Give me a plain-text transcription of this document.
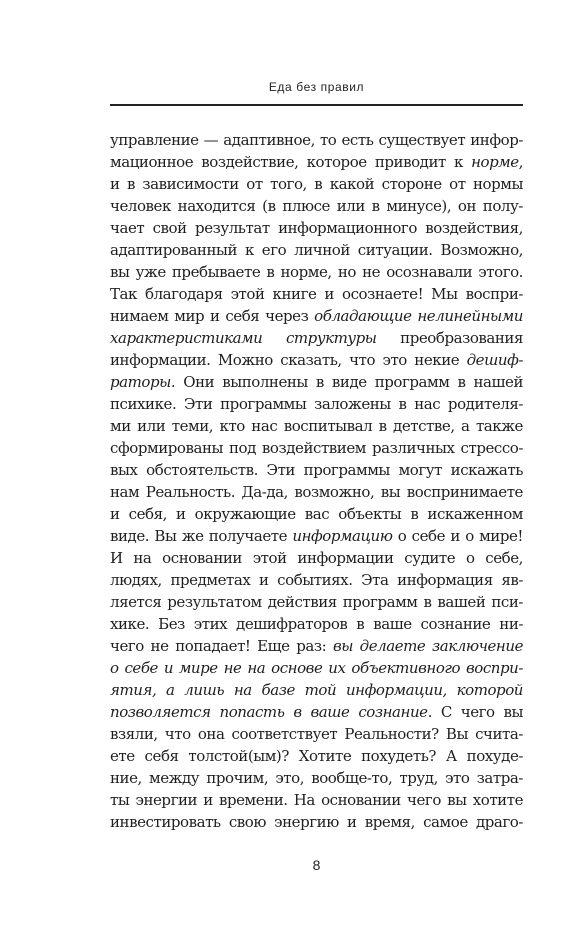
Еда без правил
управление — адаптивное, то есть существует инфор-
мационное воздействие, которое приводит к норме,
и в зависимости от того, в какой стороне от нормы
человек находится (в плюсе или в минусе), он полу-
чает свой результат информационного воздействия,
адаптированный к его личной ситуации. Возможно,
вы уже пребываете в норме, но не осознавали этого.
Так благодаря этой книге и осознаете! Мы воспри-
нимаем мир и себя через обладающие нелинейными
характеристиками структуры преобразования
информации. Можно сказать, что это некие дешиф-
раторы. Они выполнены в виде программ в нашей
психике. Эти программы заложены в нас родителя-
ми или теми, кто нас воспитывал в детстве, а также
сформированы под воздействием различных стрессо-
вых обстоятельств. Эти программы могут искажать
нам Реальность. Да-да, возможно, вы воспринимаете
и себя, и окружающие вас объекты в искаженном
виде. Вы же получаете информацию о себе и о мире!
И на основании этой информации судите о себе,
людях, предметах и событиях. Эта информация яв-
ляется результатом действия программ в вашей пси-
хике. Без этих дешифраторов в ваше сознание ни-
чего не попадает! Еще раз: вы делаете заключение
о себе и мире не на основе их объективного воспри-
ятия, а лишь на базе той информации, которой
позволяется попасть в ваше сознание. С чего вы
взяли, что она соответствует Реальности? Вы счита-
ете себя толстой(ым)? Хотите похудеть? А похуде-
ние, между прочим, это, вообще-то, труд, это затра-
ты энергии и времени. На основании чего вы хотите
инвестировать свою энергию и время, самое драго-
8
